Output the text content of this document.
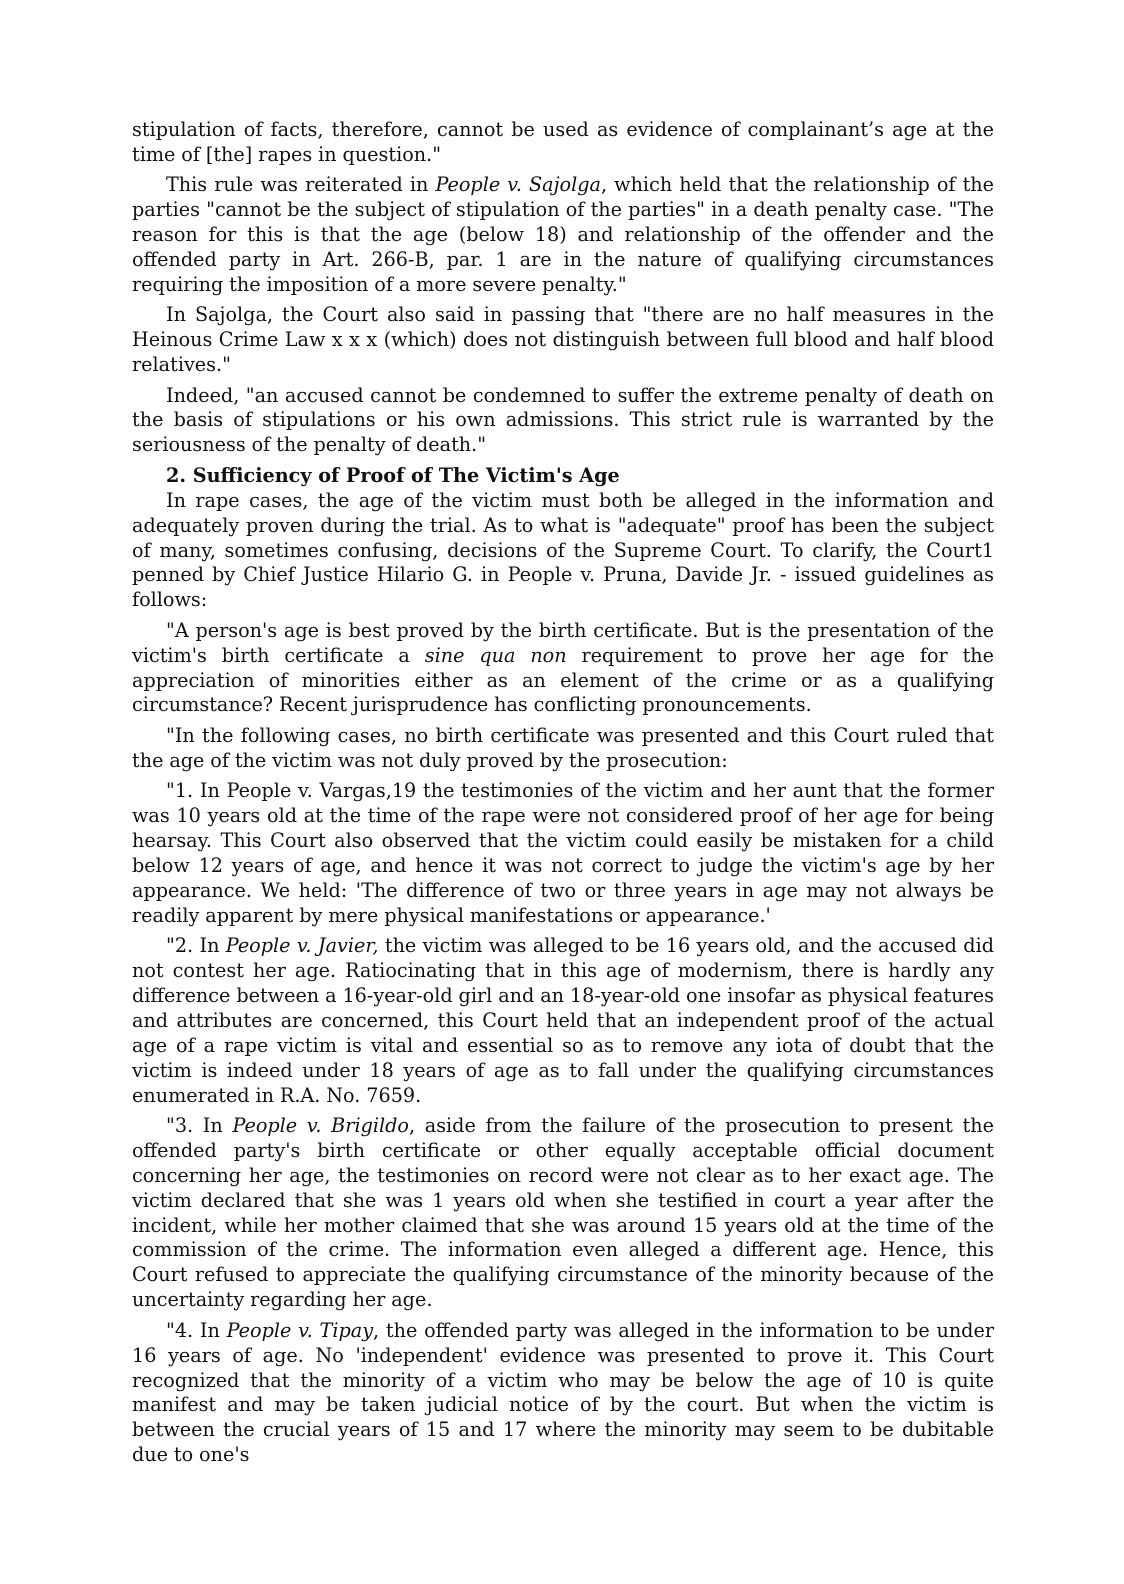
stipulation of facts, therefore, cannot be used as evidence of complainant’s age at the time of [the] rapes in question."

This rule was reiterated in People v. Sajolga, which held that the relationship of the parties "cannot be the subject of stipulation of the parties" in a death penalty case. "The reason for this is that the age (below 18) and relationship of the offender and the offended party in Art. 266-B, par. 1 are in the nature of qualifying circumstances requiring the imposition of a more severe penalty."

In Sajolga, the Court also said in passing that "there are no half measures in the Heinous Crime Law x x x (which) does not distinguish between full blood and half blood relatives."

Indeed, "an accused cannot be condemned to suffer the extreme penalty of death on the basis of stipulations or his own admissions. This strict rule is warranted by the seriousness of the penalty of death."

2. Sufficiency of Proof of The Victim's Age

In rape cases, the age of the victim must both be alleged in the information and adequately proven during the trial. As to what is "adequate" proof has been the subject of many, sometimes confusing, decisions of the Supreme Court. To clarify, the Court1 penned by Chief Justice Hilario G. in People v. Pruna, Davide Jr. - issued guidelines as follows:

"A person's age is best proved by the birth certificate. But is the presentation of the victim's birth certificate a sine qua non requirement to prove her age for the appreciation of minorities either as an element of the crime or as a qualifying circumstance? Recent jurisprudence has conflicting pronouncements.

"In the following cases, no birth certificate was presented and this Court ruled that the age of the victim was not duly proved by the prosecution:

"1. In People v. Vargas,19 the testimonies of the victim and her aunt that the former was 10 years old at the time of the rape were not considered proof of her age for being hearsay. This Court also observed that the victim could easily be mistaken for a child below 12 years of age, and hence it was not correct to judge the victim's age by her appearance. We held: 'The difference of two or three years in age may not always be readily apparent by mere physical manifestations or appearance.'

"2. In People v. Javier, the victim was alleged to be 16 years old, and the accused did not contest her age. Ratiocinating that in this age of modernism, there is hardly any difference between a 16-year-old girl and an 18-year-old one insofar as physical features and attributes are concerned, this Court held that an independent proof of the actual age of a rape victim is vital and essential so as to remove any iota of doubt that the victim is indeed under 18 years of age as to fall under the qualifying circumstances enumerated in R.A. No. 7659.

"3. In People v. Brigildo, aside from the failure of the prosecution to present the offended party's birth certificate or other equally acceptable official document concerning her age, the testimonies on record were not clear as to her exact age. The victim declared that she was 1 years old when she testified in court a year after the incident, while her mother claimed that she was around 15 years old at the time of the commission of the crime. The information even alleged a different age. Hence, this Court refused to appreciate the qualifying circumstance of the minority because of the uncertainty regarding her age.

"4. In People v. Tipay, the offended party was alleged in the information to be under 16 years of age. No 'independent' evidence was presented to prove it. This Court recognized that the minority of a victim who may be below the age of 10 is quite manifest and may be taken judicial notice of by the court. But when the victim is between the crucial years of 15 and 17 where the minority may seem to be dubitable due to one's
